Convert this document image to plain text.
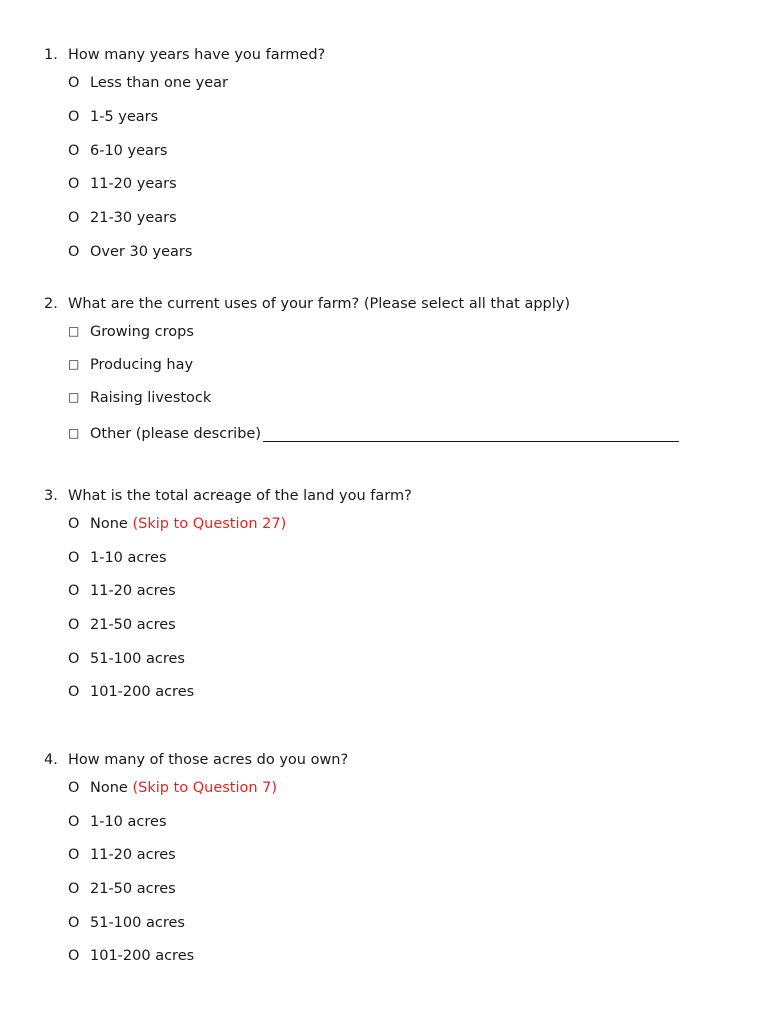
1. How many years have you farmed?
O Less than one year
O 1-5 years
O 6-10 years
O 11-20 years
O 21-30 years
O Over 30 years
2. What are the current uses of your farm? (Please select all that apply)
□ Growing crops
□ Producing hay
□ Raising livestock
□ Other (please describe)
3. What is the total acreage of the land you farm?
O None (Skip to Question 27)
O 1-10 acres
O 11-20 acres
O 21-50 acres
O 51-100 acres
O 101-200 acres
4. How many of those acres do you own?
O None (Skip to Question 7)
O 1-10 acres
O 11-20 acres
O 21-50 acres
O 51-100 acres
O 101-200 acres
